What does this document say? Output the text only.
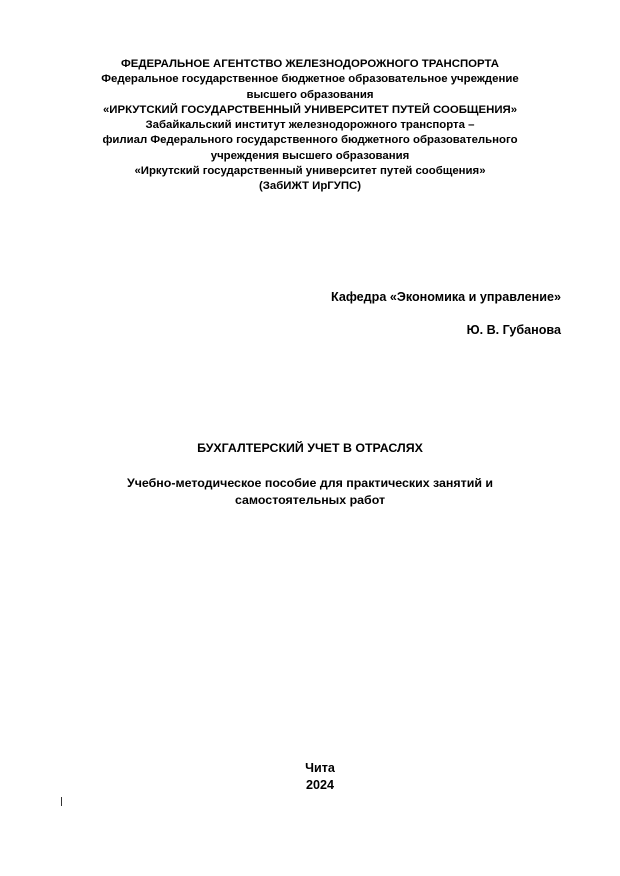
ФЕДЕРАЛЬНОЕ АГЕНТСТВО ЖЕЛЕЗНОДОРОЖНОГО ТРАНСПОРТА
Федеральное государственное бюджетное образовательное учреждение
высшего образования
«ИРКУТСКИЙ ГОСУДАРСТВЕННЫЙ УНИВЕРСИТЕТ ПУТЕЙ СООБЩЕНИЯ»
Забайкальский институт железнодорожного транспорта –
филиал Федерального государственного бюджетного образовательного
учреждения высшего образования
«Иркутский государственный университет путей сообщения»
(ЗабИЖТ ИрГУПС)
Кафедра «Экономика и управление»
Ю. В. Губанова
БУХГАЛТЕРСКИЙ УЧЕТ В ОТРАСЛЯХ
Учебно-методическое пособие для практических занятий и
самостоятельных работ
Чита
2024
